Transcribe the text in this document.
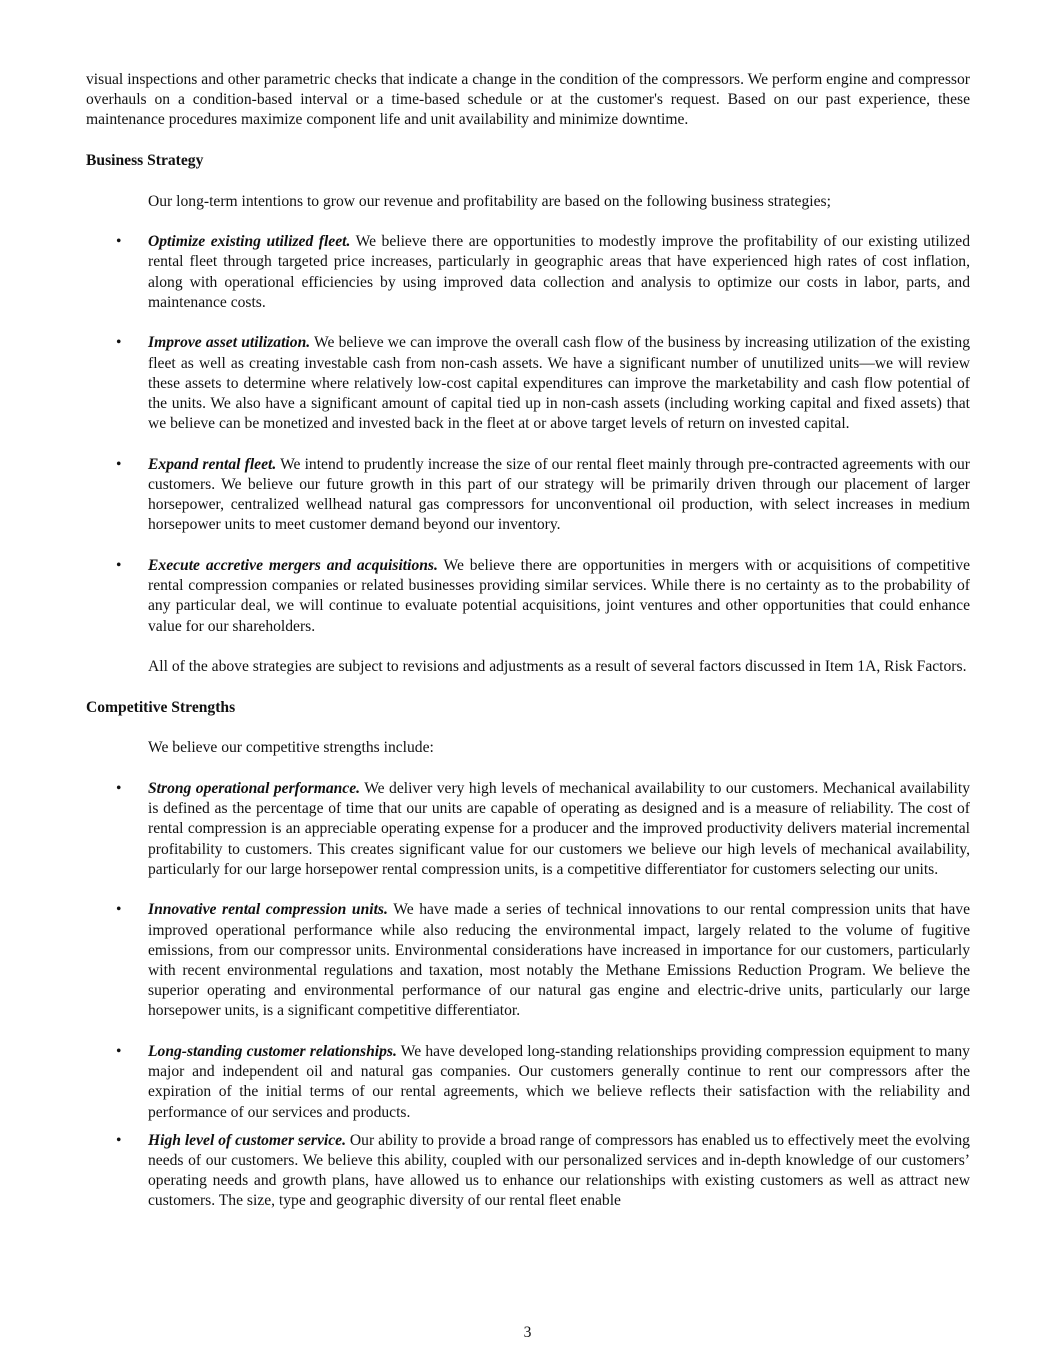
visual inspections and other parametric checks that indicate a change in the condition of the compressors. We perform engine and compressor overhauls on a condition-based interval or a time-based schedule or at the customer's request. Based on our past experience, these maintenance procedures maximize component life and unit availability and minimize downtime.

Business Strategy

Our long-term intentions to grow our revenue and profitability are based on the following business strategies;

• Optimize existing utilized fleet. We believe there are opportunities to modestly improve the profitability of our existing utilized rental fleet through targeted price increases, particularly in geographic areas that have experienced high rates of cost inflation, along with operational efficiencies by using improved data collection and analysis to optimize our costs in labor, parts, and maintenance costs.
• Improve asset utilization. We believe we can improve the overall cash flow of the business by increasing utilization of the existing fleet as well as creating investable cash from non-cash assets. We have a significant number of unutilized units—we will review these assets to determine where relatively low-cost capital expenditures can improve the marketability and cash flow potential of the units. We also have a significant amount of capital tied up in non-cash assets (including working capital and fixed assets) that we believe can be monetized and invested back in the fleet at or above target levels of return on invested capital.
• Expand rental fleet. We intend to prudently increase the size of our rental fleet mainly through pre-contracted agreements with our customers. We believe our future growth in this part of our strategy will be primarily driven through our placement of larger horsepower, centralized wellhead natural gas compressors for unconventional oil production, with select increases in medium horsepower units to meet customer demand beyond our inventory.
• Execute accretive mergers and acquisitions. We believe there are opportunities in mergers with or acquisitions of competitive rental compression companies or related businesses providing similar services. While there is no certainty as to the probability of any particular deal, we will continue to evaluate potential acquisitions, joint ventures and other opportunities that could enhance value for our shareholders.

All of the above strategies are subject to revisions and adjustments as a result of several factors discussed in Item 1A, Risk Factors.

Competitive Strengths

We believe our competitive strengths include:

• Strong operational performance. We deliver very high levels of mechanical availability to our customers. Mechanical availability is defined as the percentage of time that our units are capable of operating as designed and is a measure of reliability. The cost of rental compression is an appreciable operating expense for a producer and the improved productivity delivers material incremental profitability to customers. This creates significant value for our customers we believe our high levels of mechanical availability, particularly for our large horsepower rental compression units, is a competitive differentiator for customers selecting our units.
• Innovative rental compression units. We have made a series of technical innovations to our rental compression units that have improved operational performance while also reducing the environmental impact, largely related to the volume of fugitive emissions, from our compressor units. Environmental considerations have increased in importance for our customers, particularly with recent environmental regulations and taxation, most notably the Methane Emissions Reduction Program. We believe the superior operating and environmental performance of our natural gas engine and electric-drive units, particularly our large horsepower units, is a significant competitive differentiator.
• Long-standing customer relationships. We have developed long-standing relationships providing compression equipment to many major and independent oil and natural gas companies. Our customers generally continue to rent our compressors after the expiration of the initial terms of our rental agreements, which we believe reflects their satisfaction with the reliability and performance of our services and products.
• High level of customer service. Our ability to provide a broad range of compressors has enabled us to effectively meet the evolving needs of our customers. We believe this ability, coupled with our personalized services and in-depth knowledge of our customers’ operating needs and growth plans, have allowed us to enhance our relationships with existing customers as well as attract new customers. The size, type and geographic diversity of our rental fleet enable
3
